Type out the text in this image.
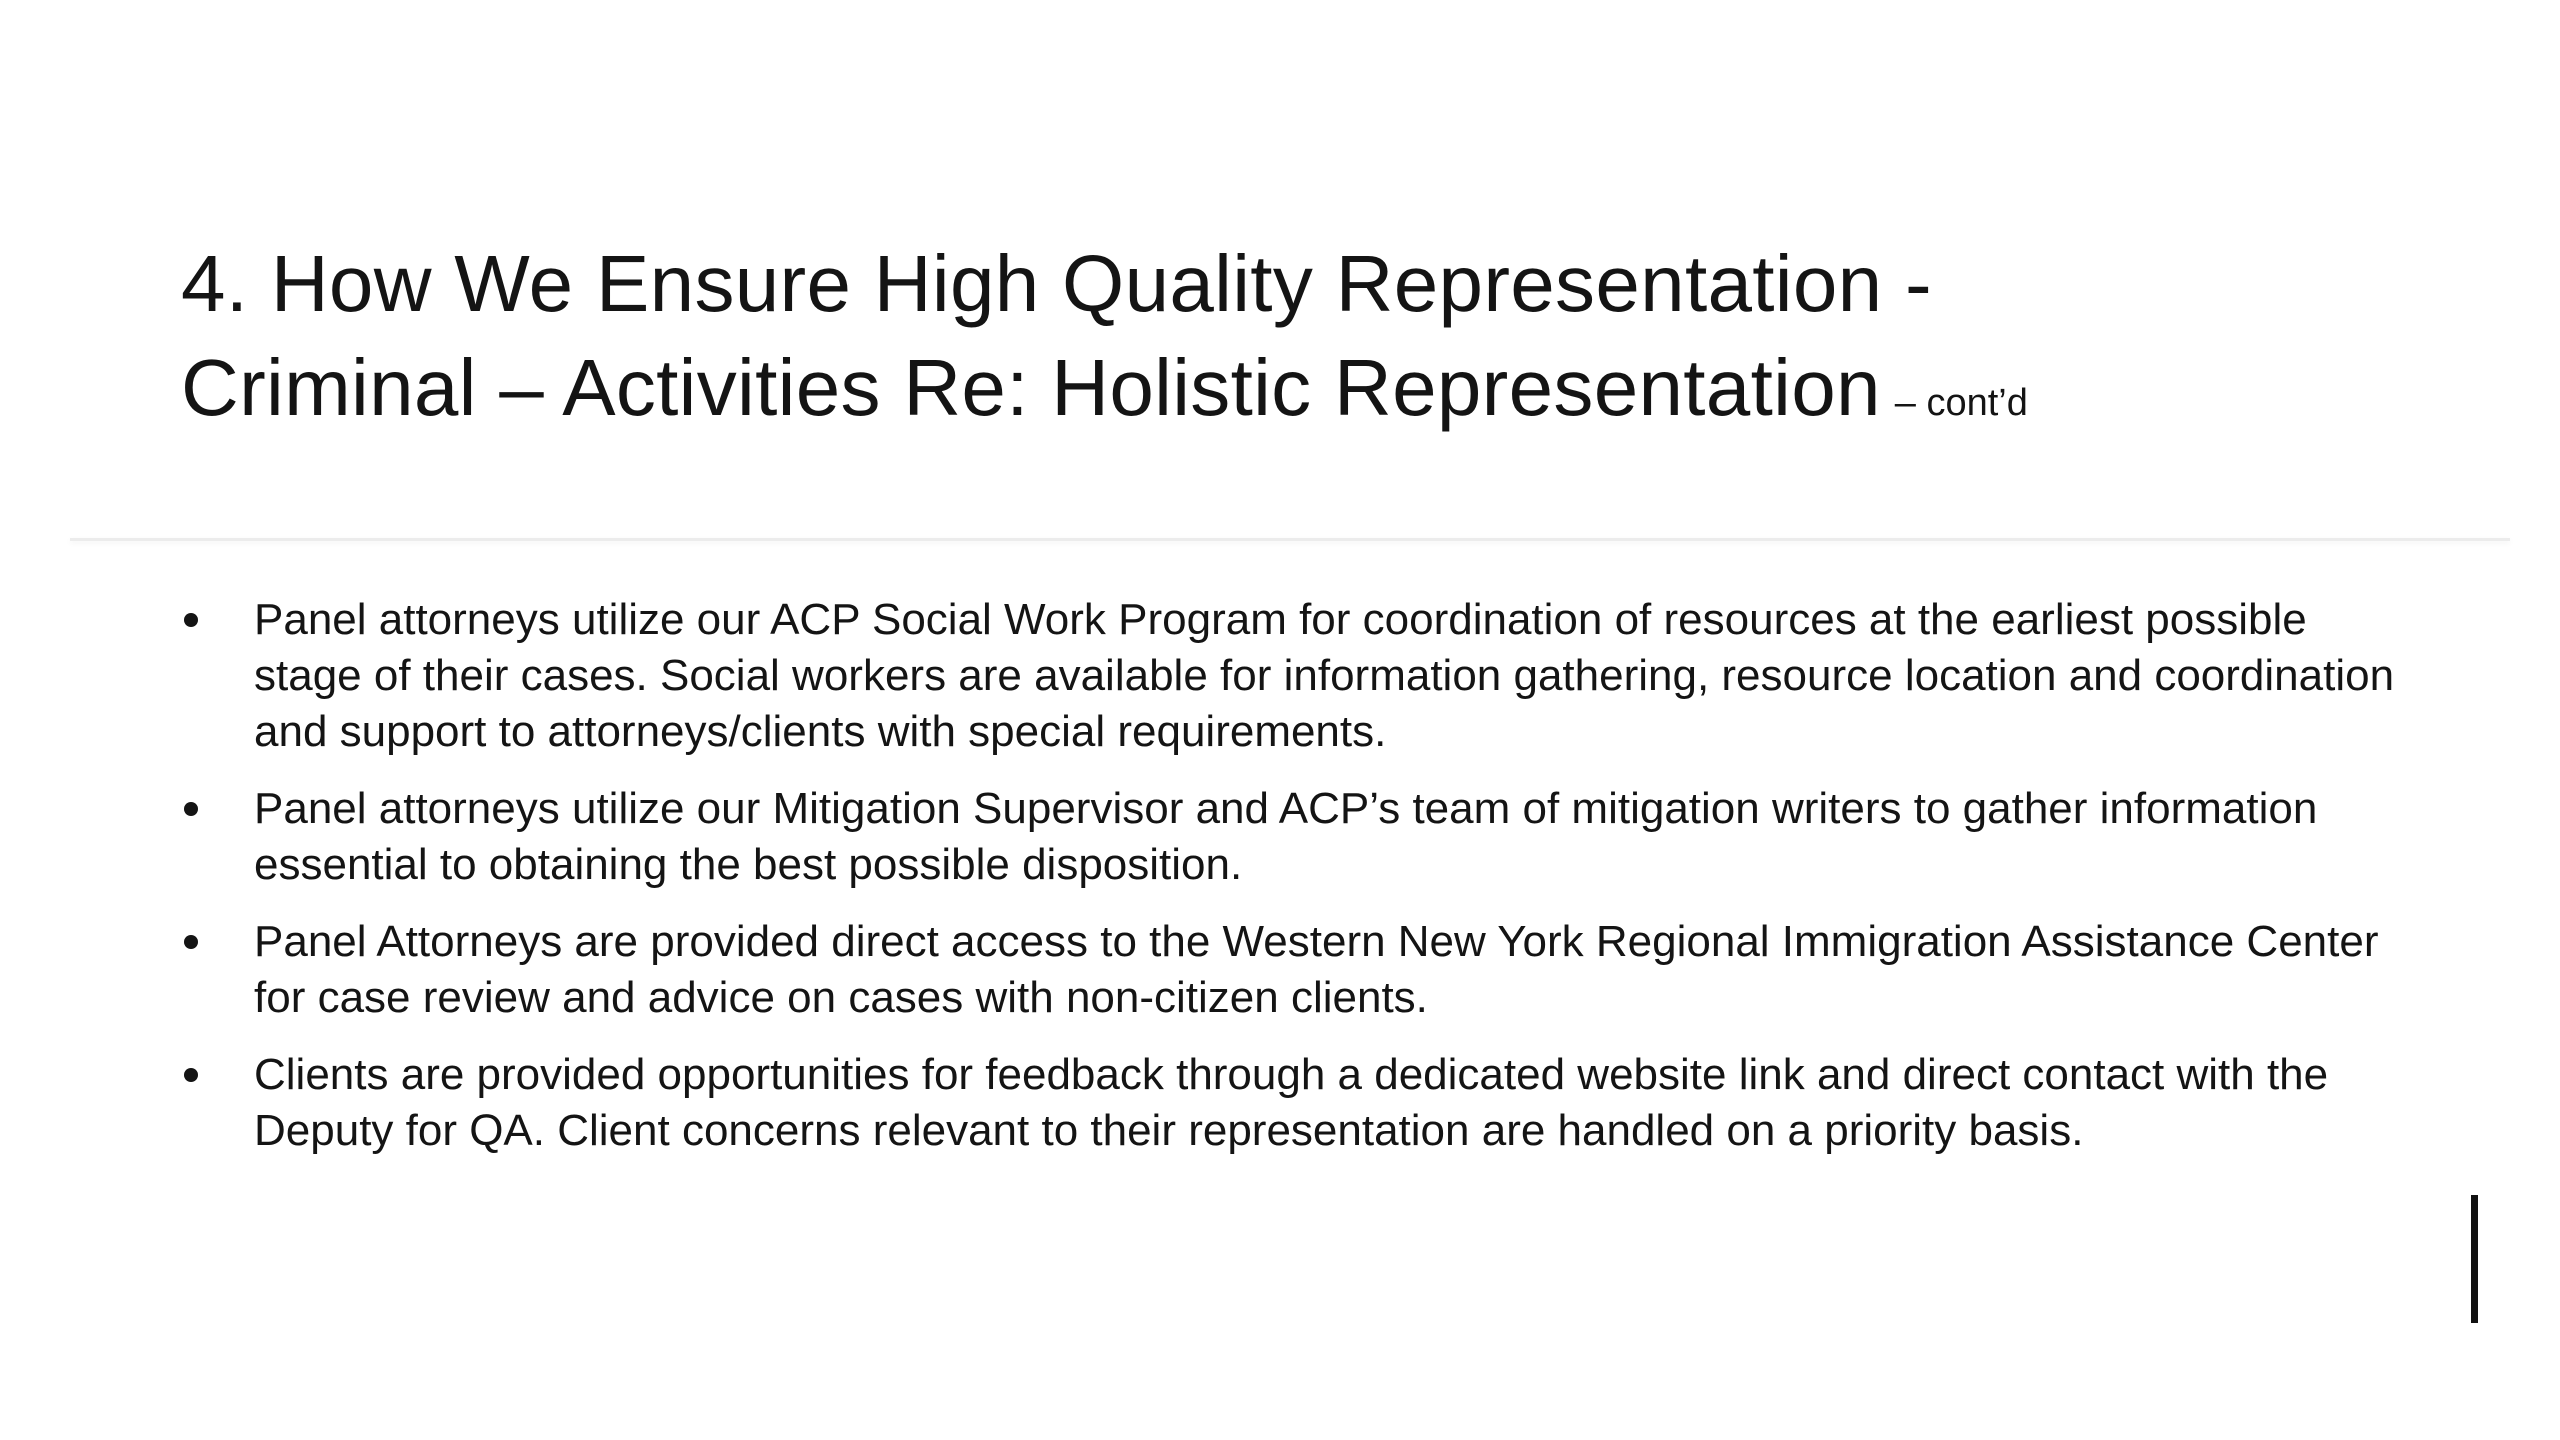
4. How We Ensure High Quality Representation -
Criminal – Activities Re: Holistic Representation – cont’d
Panel attorneys utilize our ACP Social Work Program for coordination of resources at the earliest possible stage of their cases. Social workers are available for information gathering, resource location and coordination and support to attorneys/clients with special requirements.
Panel attorneys utilize our Mitigation Supervisor and ACP’s team of mitigation writers to gather information essential to obtaining the best possible disposition.
Panel Attorneys are provided direct access to the Western New York Regional Immigration Assistance Center for case review and advice on cases with non-citizen clients.
Clients are provided opportunities for feedback through a dedicated website link and direct contact with the Deputy for QA. Client concerns relevant to their representation are handled on a priority basis.
